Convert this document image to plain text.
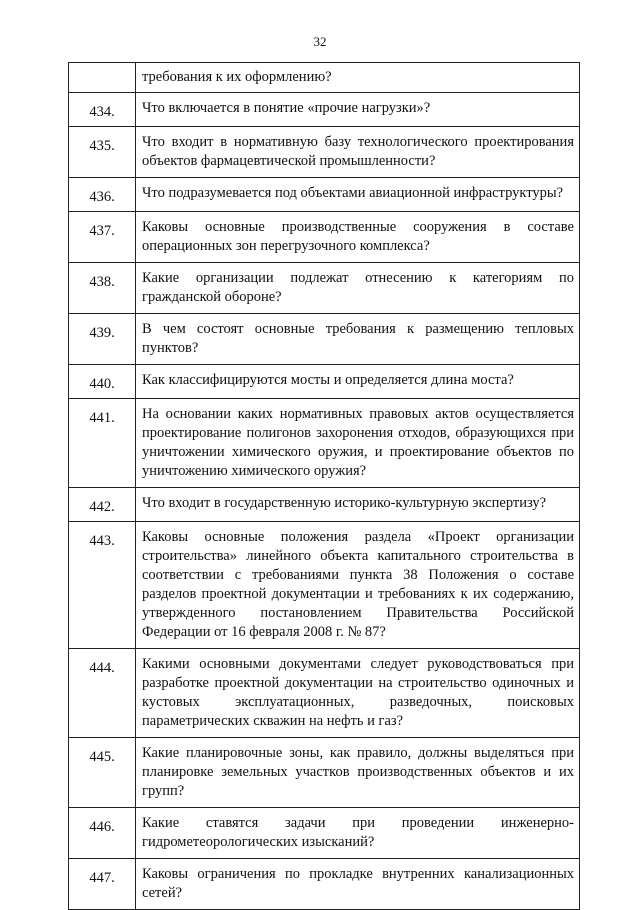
32
	требования к их оформлению?
434.	Что включается в понятие «прочие нагрузки»?
435.	Что входит в нормативную базу технологического проектирования объектов фармацевтической промышленности?
436.	Что подразумевается под объектами авиационной инфраструктуры?
437.	Каковы основные производственные сооружения в составе операционных зон перегрузочного комплекса?
438.	Какие организации подлежат отнесению к категориям по гражданской обороне?
439.	В чем состоят основные требования к размещению тепловых пунктов?
440.	Как классифицируются мосты и определяется длина моста?
441.	На основании каких нормативных правовых актов осуществляется проектирование полигонов захоронения отходов, образующихся при уничтожении химического оружия, и проектирование объектов по уничтожению химического оружия?
442.	Что входит в государственную историко-культурную экспертизу?
443.	Каковы основные положения раздела «Проект организации строительства» линейного объекта капитального строительства в соответствии с требованиями пункта 38 Положения о составе разделов проектной документации и требованиях к их содержанию, утвержденного постановлением Правительства Российской Федерации от 16 февраля 2008 г. № 87?
444.	Какими основными документами следует руководствоваться при разработке проектной документации на строительство одиночных и кустовых эксплуатационных, разведочных, поисковых параметрических скважин на нефть и газ?
445.	Какие планировочные зоны, как правило, должны выделяться при планировке земельных участков производственных объектов и их групп?
446.	Какие ставятся задачи при проведении инженерно-гидрометеорологических изысканий?
447.	Каковы ограничения по прокладке внутренних канализационных сетей?
